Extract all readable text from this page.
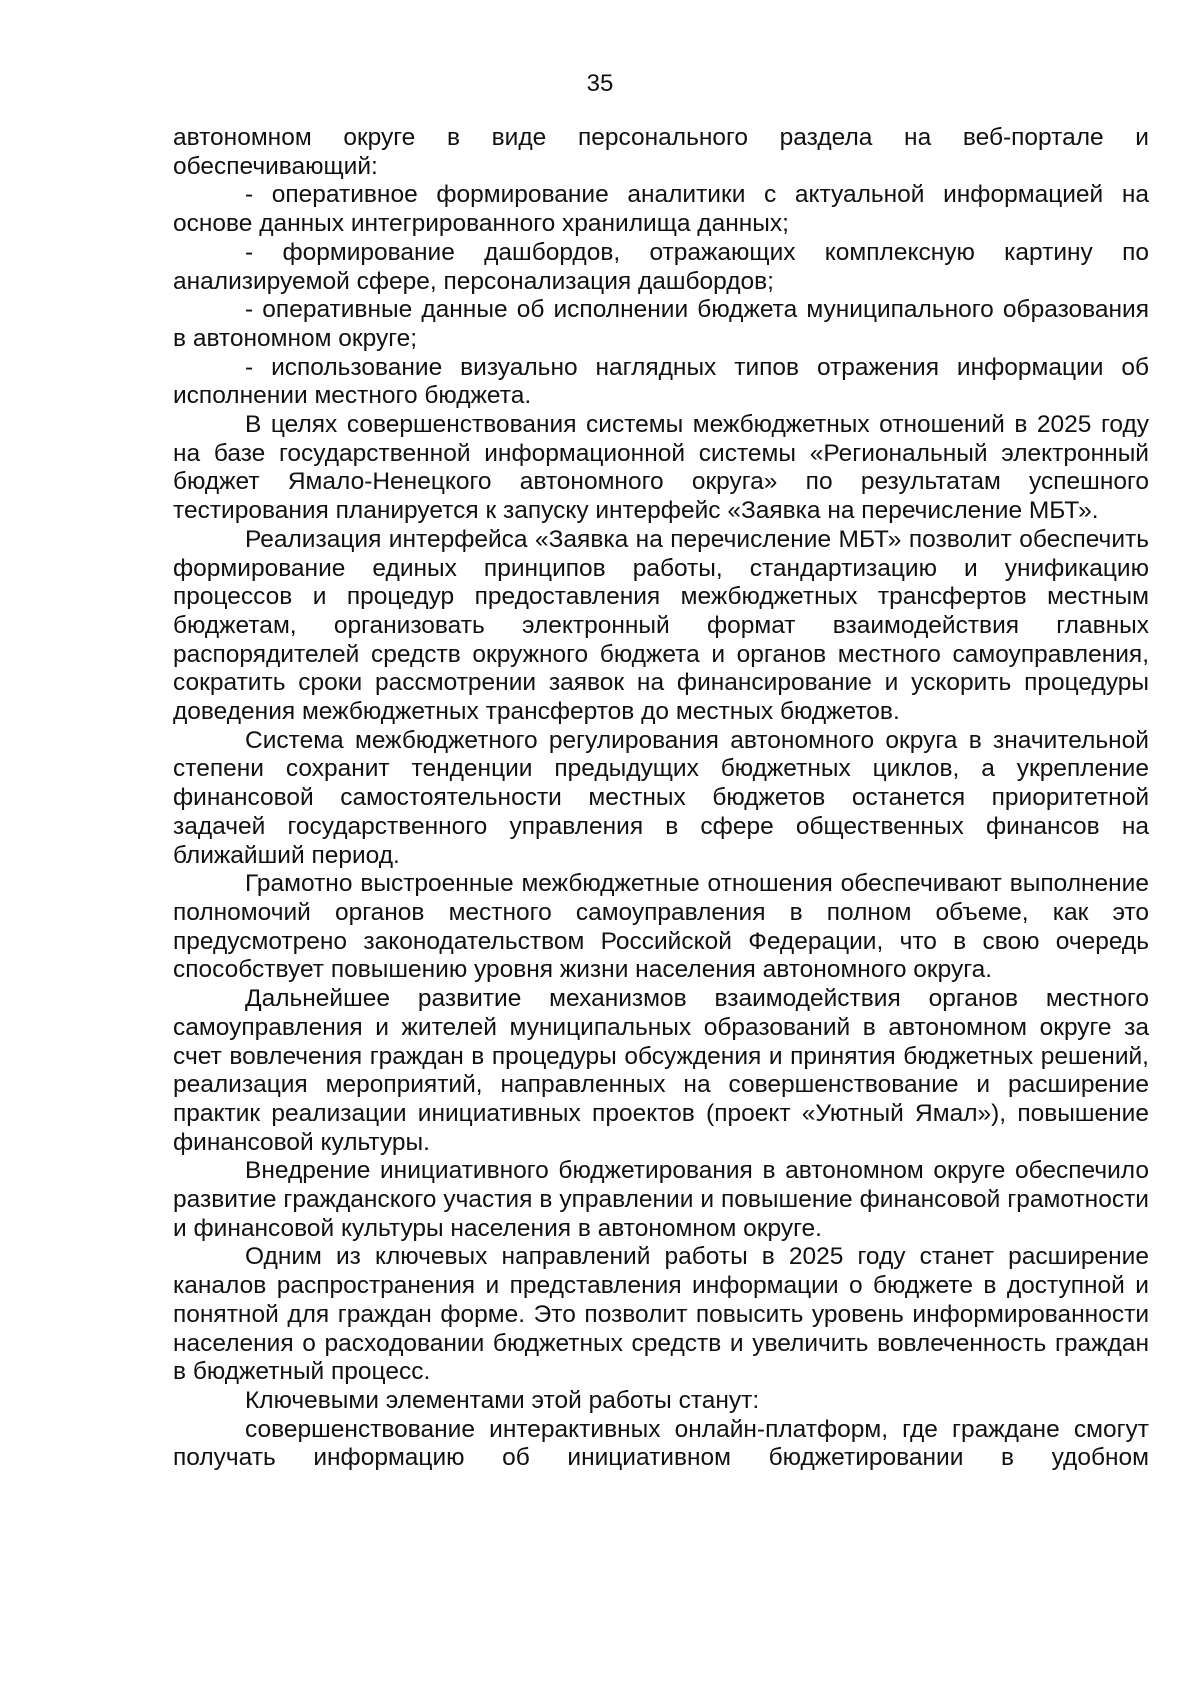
35

автономном округе в виде персонального раздела на веб-портале и обеспечивающий:

- оперативное формирование аналитики с актуальной информацией на основе данных интегрированного хранилища данных;

- формирование дашбордов, отражающих комплексную картину по анализируемой сфере, персонализация дашбордов;

- оперативные данные об исполнении бюджета муниципального образования в автономном округе;

- использование визуально наглядных типов отражения информации об исполнении местного бюджета.

В целях совершенствования системы межбюджетных отношений в 2025 году на базе государственной информационной системы «Региональный электронный бюджет Ямало-Ненецкого автономного округа» по результатам успешного тестирования планируется к запуску интерфейс «Заявка на перечисление МБТ».

Реализация интерфейса «Заявка на перечисление МБТ» позволит обеспечить формирование единых принципов работы, стандартизацию и унификацию процессов и процедур предоставления межбюджетных трансфертов местным бюджетам, организовать электронный формат взаимодействия главных распорядителей средств окружного бюджета и органов местного самоуправления, сократить сроки рассмотрении заявок на финансирование и ускорить процедуры доведения межбюджетных трансфертов до местных бюджетов.

Система межбюджетного регулирования автономного округа в значительной степени сохранит тенденции предыдущих бюджетных циклов, а укрепление финансовой самостоятельности местных бюджетов останется приоритетной задачей государственного управления в сфере общественных финансов на ближайший период.

Грамотно выстроенные межбюджетные отношения обеспечивают выполнение полномочий органов местного самоуправления в полном объеме, как это предусмотрено законодательством Российской Федерации, что в свою очередь способствует повышению уровня жизни населения автономного округа.

Дальнейшее развитие механизмов взаимодействия органов местного самоуправления и жителей муниципальных образований в автономном округе за счет вовлечения граждан в процедуры обсуждения и принятия бюджетных решений, реализация мероприятий, направленных на совершенствование и расширение практик реализации инициативных проектов (проект «Уютный Ямал»), повышение финансовой культуры.

Внедрение инициативного бюджетирования в автономном округе обеспечило развитие гражданского участия в управлении и повышение финансовой грамотности и финансовой культуры населения в автономном округе.

Одним из ключевых направлений работы в 2025 году станет расширение каналов распространения и представления информации о бюджете в доступной и понятной для граждан форме. Это позволит повысить уровень информированности населения о расходовании бюджетных средств и увеличить вовлеченность граждан в бюджетный процесс.

Ключевыми элементами этой работы станут:

совершенствование интерактивных онлайн-платформ, где граждане смогут получать информацию об инициативном бюджетировании в удобном
